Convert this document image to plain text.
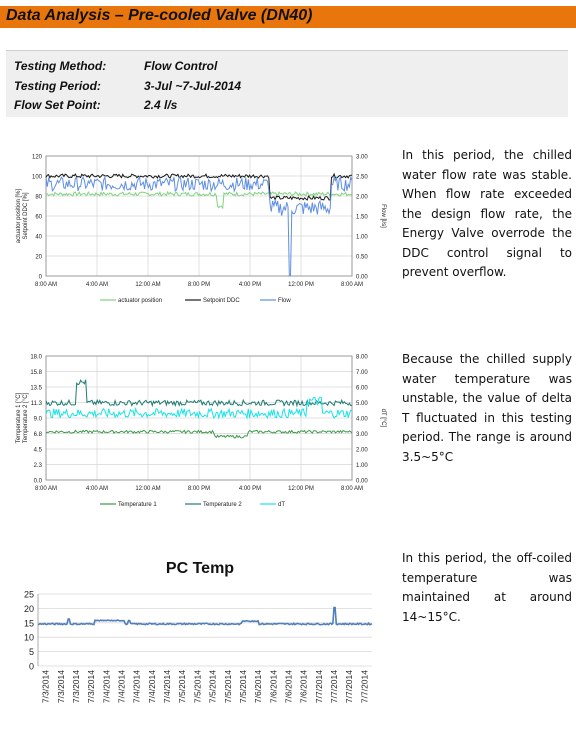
Data Analysis – Pre-cooled Valve (DN40)
Testing Method:	Flow Control
Testing Period:	3-Jul ~7-Jul-2014
Flow Set Point:	2.4 l/s
0	0.00
20	0.50
40	1.00
60	1.50
80	2.00
100	2.50
120	3.00
8:00 AM	4:00 AM	12:00 AM	8:00 PM	4:00 PM	12:00 PM	8:00 AM
actuator position [%] Setpoint DDC [%]	Flow [l/s]
actuator position	Setpoint DDC	Flow
0.0	0.00
2.3	1.00
4.5	2.00
6.8	3.00
9.0	4.00
11.3	5.00
13.5	6.00
15.8	7.00
18.0	8.00
8:00 AM	4:00 AM	12:00 AM	8:00 PM	4:00 PM	12:00 PM	8:00 AM
Temperature 1 [°C] Temperature 2 [°C]	dT [°C]
Temperature 1	Temperature 2	dT
PC Temp
0
5
10
15
20
25
7/3/2014 7/3/2014 7/3/2014 7/3/2014 7/4/2014 7/4/2014 7/4/2014 7/4/2014 7/4/2014 7/5/2014 7/5/2014 7/5/2014 7/5/2014 7/5/2014 7/6/2014 7/6/2014 7/6/2014 7/6/2014 7/7/2014 7/7/2014 7/7/2014 7/7/2014
In this period, the chilled water flow rate was stable. When flow rate exceeded the design flow rate, the Energy Valve overrode the DDC control signal to prevent overflow.
Because the chilled supply water temperature was unstable, the value of delta T fluctuated in this testing period. The range is around 3.5~5°C
In this period, the off-coiled temperature was maintained at around 14~15°C.
